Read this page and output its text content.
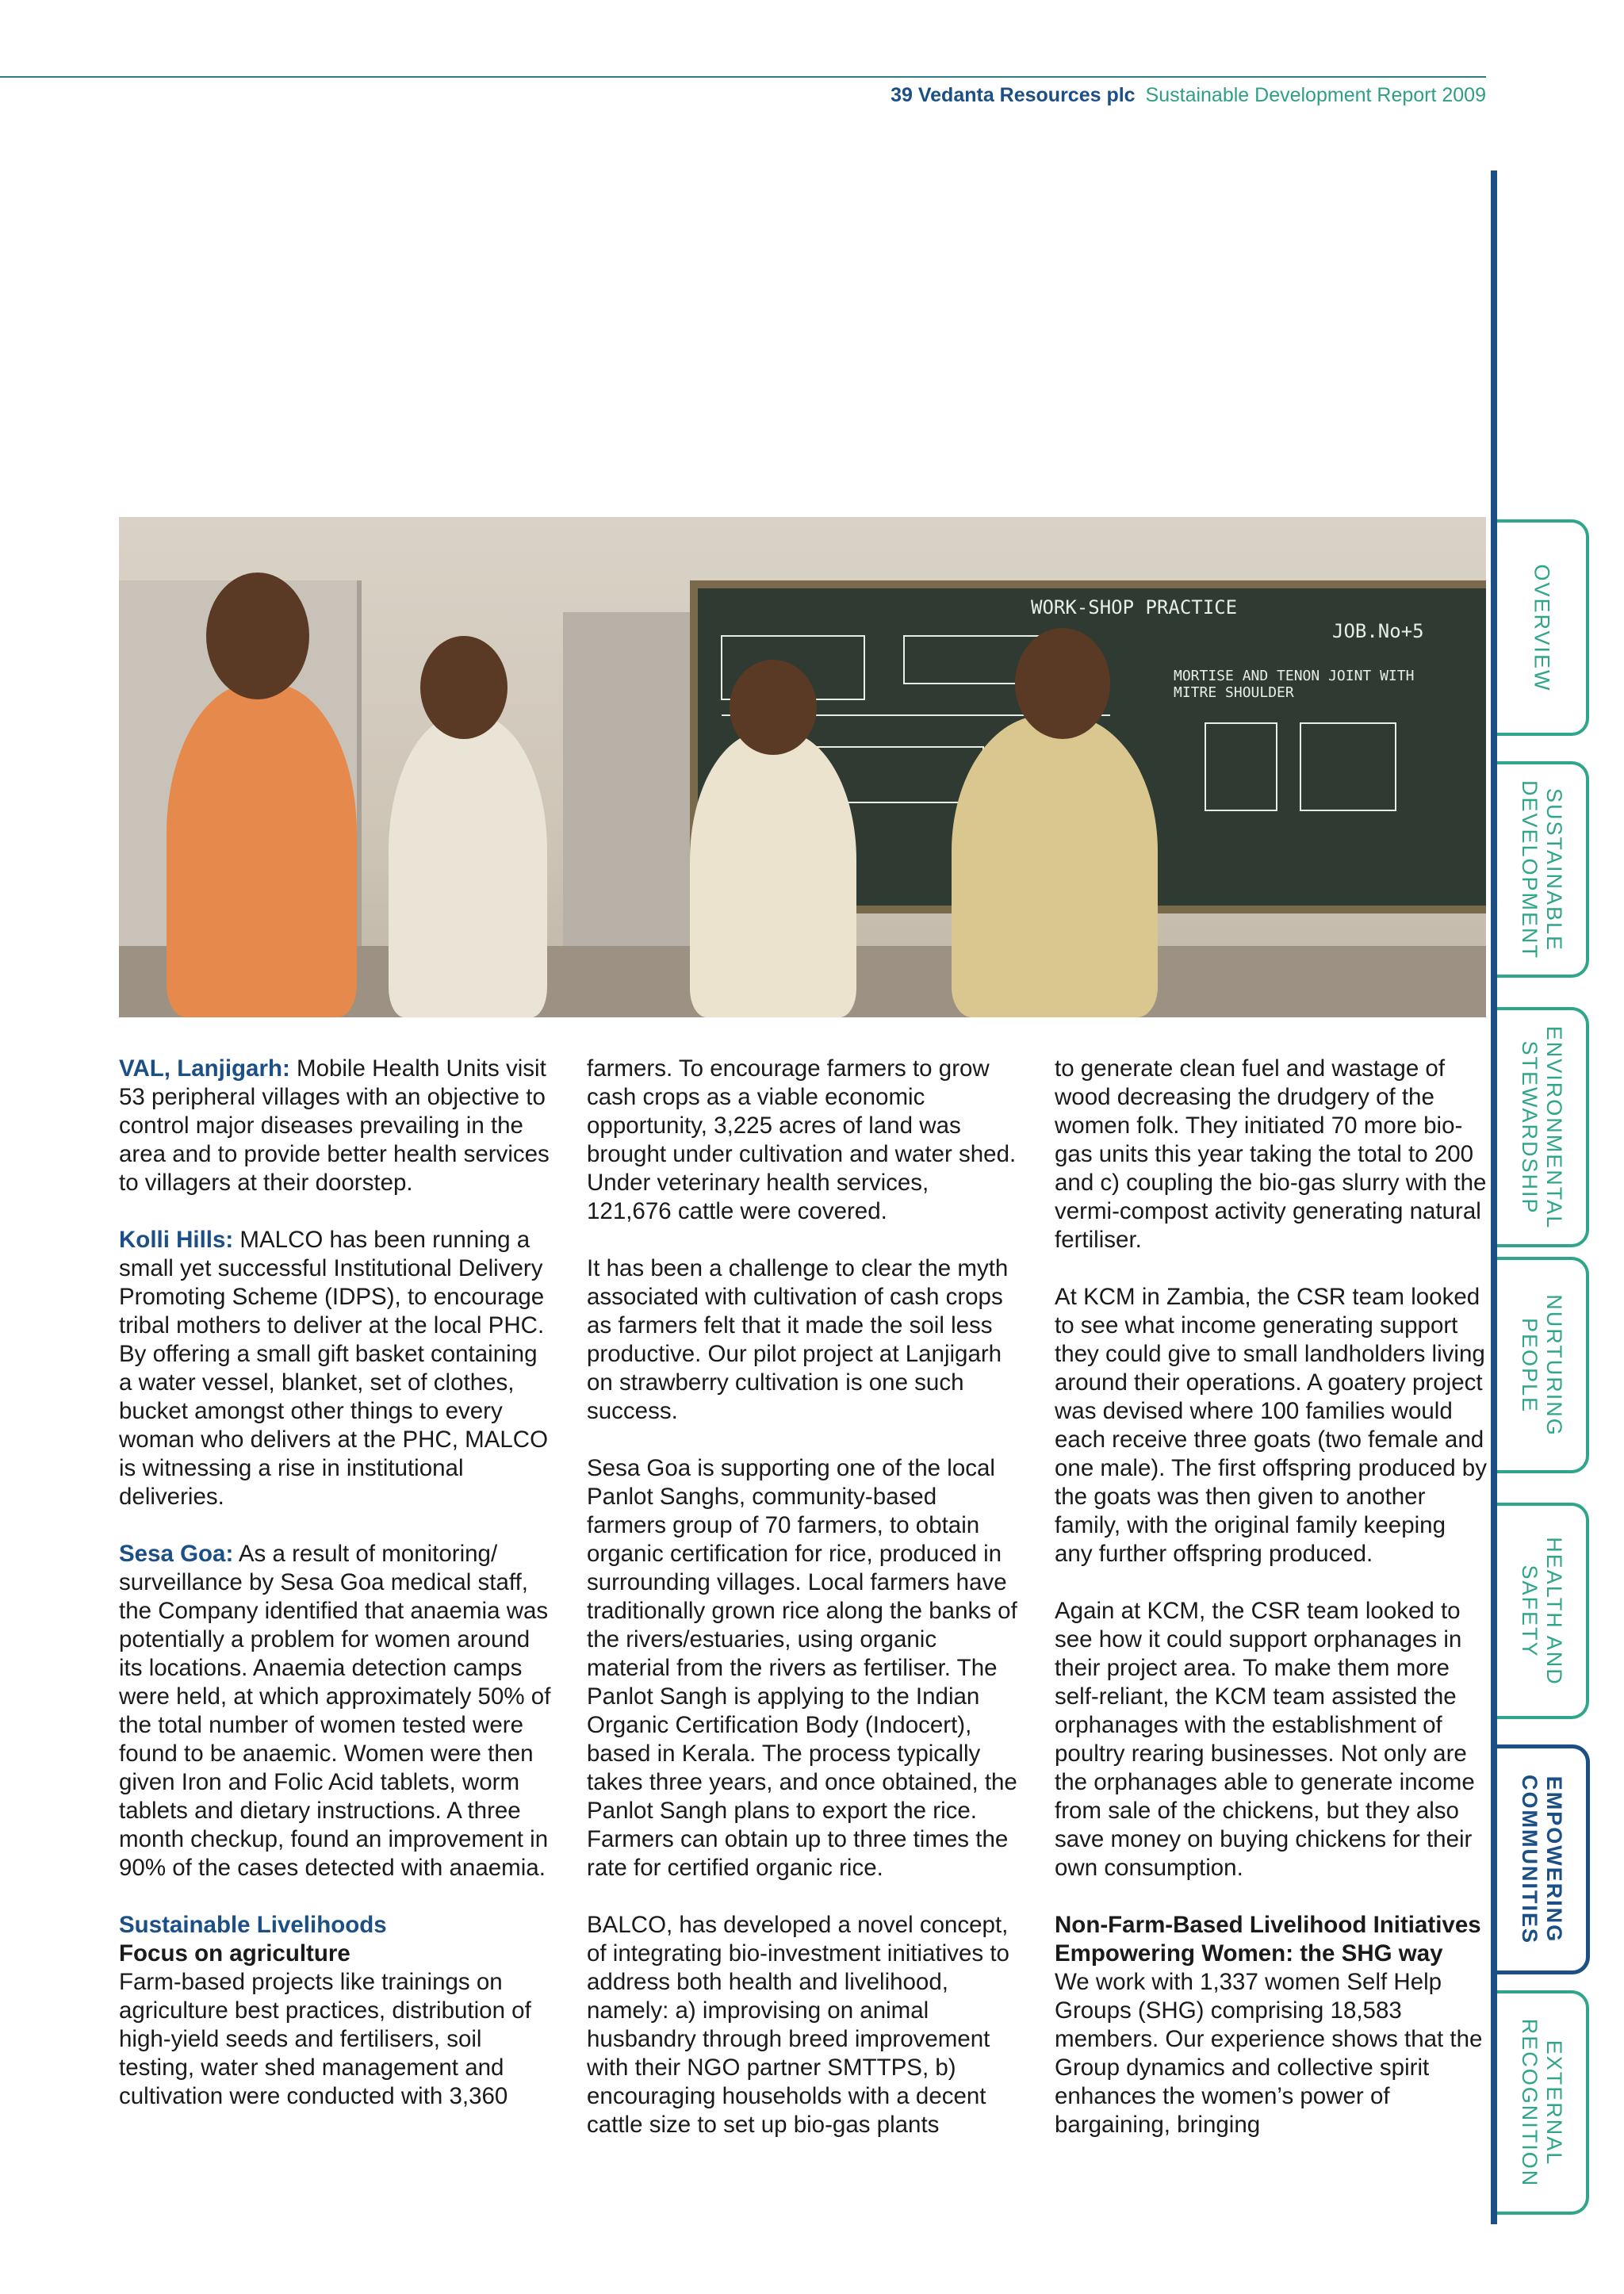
39 Vedanta Resources plc Sustainable Development Report 2009
WORK-SHOP PRACTICE
JOB.No+5
MORTISE AND TENON JOINT WITH MITRE SHOULDER

VAL, Lanjigarh: Mobile Health Units visit 53 peripheral villages with an objective to control major diseases prevailing in the area and to provide better health services to villagers at their doorstep.

Kolli Hills: MALCO has been running a small yet successful Institutional Delivery Promoting Scheme (IDPS), to encourage tribal mothers to deliver at the local PHC. By offering a small gift basket containing a water vessel, blanket, set of clothes, bucket amongst other things to every woman who delivers at the PHC, MALCO is witnessing a rise in institutional deliveries.

Sesa Goa: As a result of monitoring/ surveillance by Sesa Goa medical staff, the Company identified that anaemia was potentially a problem for women around its locations. Anaemia detection camps were held, at which approximately 50% of the total number of women tested were found to be anaemic. Women were then given Iron and Folic Acid tablets, worm tablets and dietary instructions. A three month checkup, found an improvement in 90% of the cases detected with anaemia.

Sustainable Livelihoods
Focus on agriculture
Farm-based projects like trainings on agriculture best practices, distribution of high-yield seeds and fertilisers, soil testing, water shed management and cultivation were conducted with 3,360

farmers. To encourage farmers to grow cash crops as a viable economic opportunity, 3,225 acres of land was brought under cultivation and water shed. Under veterinary health services, 121,676 cattle were covered.

It has been a challenge to clear the myth associated with cultivation of cash crops as farmers felt that it made the soil less productive. Our pilot project at Lanjigarh on strawberry cultivation is one such success.

Sesa Goa is supporting one of the local Panlot Sanghs, community-based farmers group of 70 farmers, to obtain organic certification for rice, produced in surrounding villages. Local farmers have traditionally grown rice along the banks of the rivers/estuaries, using organic material from the rivers as fertiliser. The Panlot Sangh is applying to the Indian Organic Certification Body (Indocert), based in Kerala. The process typically takes three years, and once obtained, the Panlot Sangh plans to export the rice. Farmers can obtain up to three times the rate for certified organic rice.

BALCO, has developed a novel concept, of integrating bio-investment initiatives to address both health and livelihood, namely: a) improvising on animal husbandry through breed improvement with their NGO partner SMTTPS, b) encouraging households with a decent cattle size to set up bio-gas plants

to generate clean fuel and wastage of wood decreasing the drudgery of the women folk. They initiated 70 more bio-gas units this year taking the total to 200 and c) coupling the bio-gas slurry with the vermi-compost activity generating natural fertiliser.

At KCM in Zambia, the CSR team looked to see what income generating support they could give to small landholders living around their operations. A goatery project was devised where 100 families would each receive three goats (two female and one male). The first offspring produced by the goats was then given to another family, with the original family keeping any further offspring produced.

Again at KCM, the CSR team looked to see how it could support orphanages in their project area. To make them more self-reliant, the KCM team assisted the orphanages with the establishment of poultry rearing businesses. Not only are the orphanages able to generate income from sale of the chickens, but they also save money on buying chickens for their own consumption.

Non-Farm-Based Livelihood Initiatives
Empowering Women: the SHG way
We work with 1,337 women Self Help Groups (SHG) comprising 18,583 members. Our experience shows that the Group dynamics and collective spirit enhances the women’s power of bargaining, bringing

OVERVIEW
SUSTAINABLE DEVELOPMENT
ENVIRONMENTAL STEWARDSHIP
NURTURING PEOPLE
HEALTH AND SAFETY
EMPOWERING COMMUNITIES
EXTERNAL RECOGNITION
